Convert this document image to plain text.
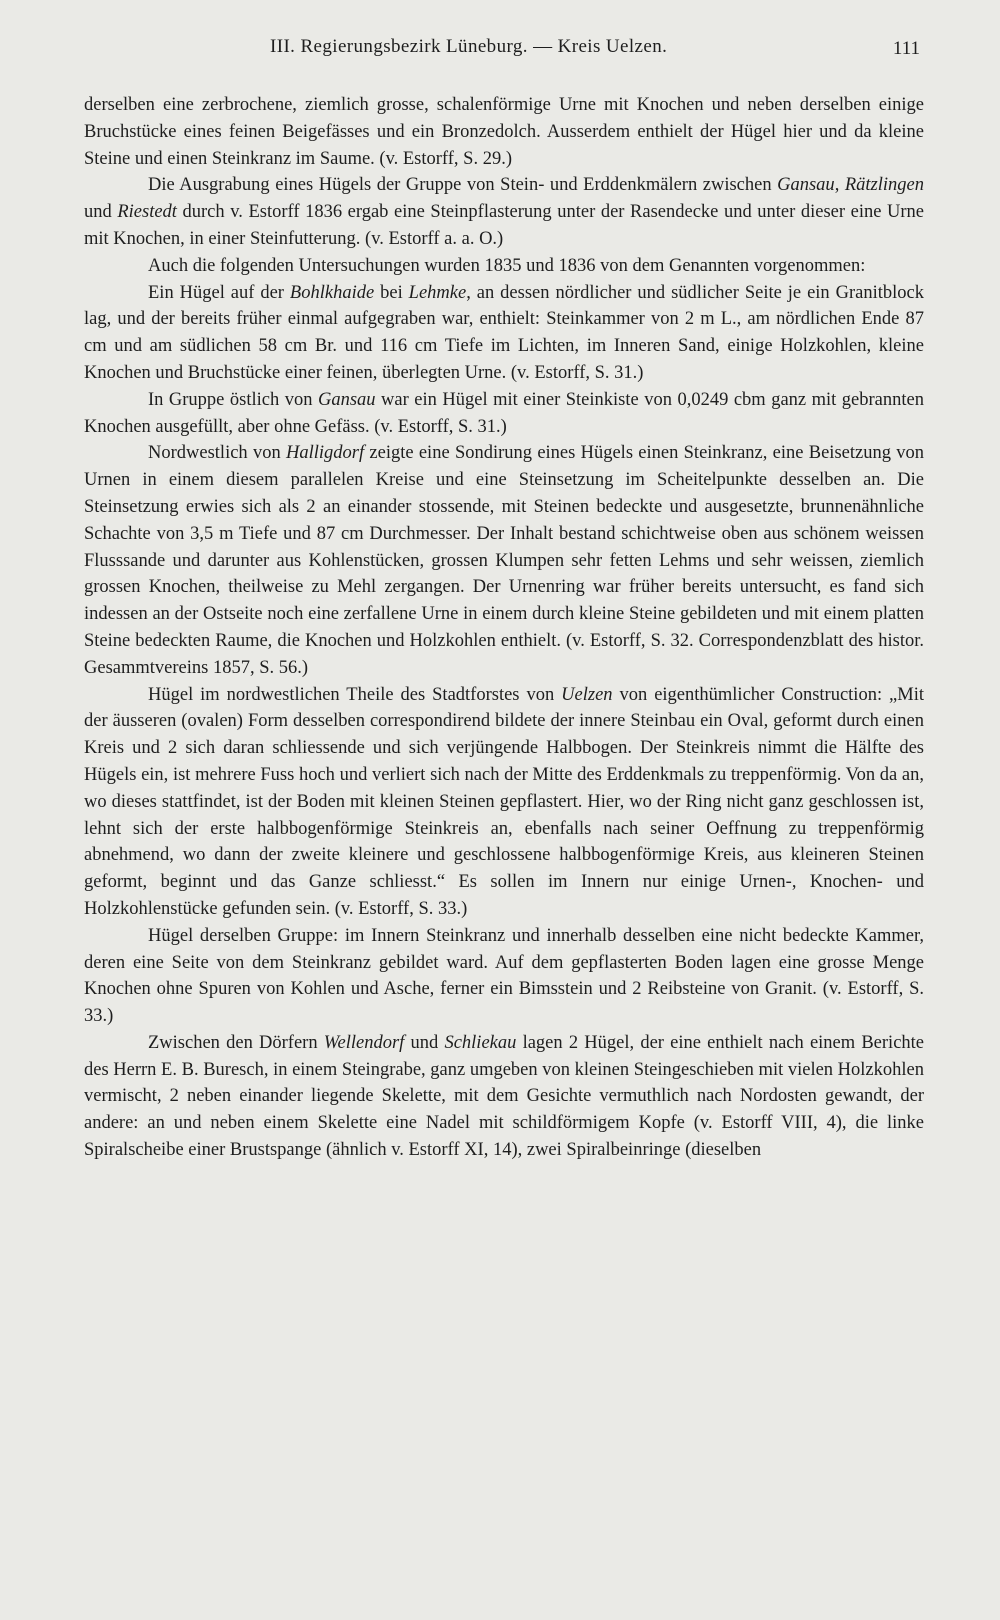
III. Regierungsbezirk Lüneburg. — Kreis Uelzen.	111

derselben eine zerbrochene, ziemlich grosse, schalenförmige Urne mit Knochen und neben derselben einige Bruchstücke eines feinen Beigefässes und ein Bronzedolch. Ausserdem enthielt der Hügel hier und da kleine Steine und einen Steinkranz im Saume. (v. Estorff, S. 29.)

Die Ausgrabung eines Hügels der Gruppe von Stein- und Erddenkmälern zwischen Gansau, Rätzlingen und Riestedt durch v. Estorff 1836 ergab eine Steinpflasterung unter der Rasendecke und unter dieser eine Urne mit Knochen, in einer Steinfutterung. (v. Estorff a. a. O.)

Auch die folgenden Untersuchungen wurden 1835 und 1836 von dem Genannten vorgenommen:

Ein Hügel auf der Bohlkhaide bei Lehmke, an dessen nördlicher und südlicher Seite je ein Granitblock lag, und der bereits früher einmal aufgegraben war, enthielt: Steinkammer von 2 m L., am nördlichen Ende 87 cm und am südlichen 58 cm Br. und 116 cm Tiefe im Lichten, im Inneren Sand, einige Holzkohlen, kleine Knochen und Bruchstücke einer feinen, überlegten Urne. (v. Estorff, S. 31.)

In Gruppe östlich von Gansau war ein Hügel mit einer Steinkiste von 0,0249 cbm ganz mit gebrannten Knochen ausgefüllt, aber ohne Gefäss. (v. Estorff, S. 31.)

Nordwestlich von Halligdorf zeigte eine Sondirung eines Hügels einen Steinkranz, eine Beisetzung von Urnen in einem diesem parallelen Kreise und eine Steinsetzung im Scheitelpunkte desselben an. Die Steinsetzung erwies sich als 2 an einander stossende, mit Steinen bedeckte und ausgesetzte, brunnenähnliche Schachte von 3,5 m Tiefe und 87 cm Durchmesser. Der Inhalt bestand schichtweise oben aus schönem weissen Flusssande und darunter aus Kohlenstücken, grossen Klumpen sehr fetten Lehms und sehr weissen, ziemlich grossen Knochen, theilweise zu Mehl zergangen. Der Urnenring war früher bereits untersucht, es fand sich indessen an der Ostseite noch eine zerfallene Urne in einem durch kleine Steine gebildeten und mit einem platten Steine bedeckten Raume, die Knochen und Holzkohlen enthielt. (v. Estorff, S. 32. Correspondenzblatt des histor. Gesammtvereins 1857, S. 56.)

Hügel im nordwestlichen Theile des Stadtforstes von Uelzen von eigenthümlicher Construction: „Mit der äusseren (ovalen) Form desselben correspondirend bildete der innere Steinbau ein Oval, geformt durch einen Kreis und 2 sich daran schliessende und sich verjüngende Halbbogen. Der Steinkreis nimmt die Hälfte des Hügels ein, ist mehrere Fuss hoch und verliert sich nach der Mitte des Erddenkmals zu treppenförmig. Von da an, wo dieses stattfindet, ist der Boden mit kleinen Steinen gepflastert. Hier, wo der Ring nicht ganz geschlossen ist, lehnt sich der erste halbbogenförmige Steinkreis an, ebenfalls nach seiner Oeffnung zu treppenförmig abnehmend, wo dann der zweite kleinere und geschlossene halbbogenförmige Kreis, aus kleineren Steinen geformt, beginnt und das Ganze schliesst.“ Es sollen im Innern nur einige Urnen-, Knochen- und Holzkohlenstücke gefunden sein. (v. Estorff, S. 33.)

Hügel derselben Gruppe: im Innern Steinkranz und innerhalb desselben eine nicht bedeckte Kammer, deren eine Seite von dem Steinkranz gebildet ward. Auf dem gepflasterten Boden lagen eine grosse Menge Knochen ohne Spuren von Kohlen und Asche, ferner ein Bimsstein und 2 Reibsteine von Granit. (v. Estorff, S. 33.)

Zwischen den Dörfern Wellendorf und Schliekau lagen 2 Hügel, der eine enthielt nach einem Berichte des Herrn E. B. Buresch, in einem Steingrabe, ganz umgeben von kleinen Steingeschieben mit vielen Holzkohlen vermischt, 2 neben einander liegende Skelette, mit dem Gesichte vermuthlich nach Nordosten gewandt, der andere: an und neben einem Skelette eine Nadel mit schildförmigem Kopfe (v. Estorff VIII, 4), die linke Spiralscheibe einer Brustspange (ähnlich v. Estorff XI, 14), zwei Spiralbeinringe (dieselben
